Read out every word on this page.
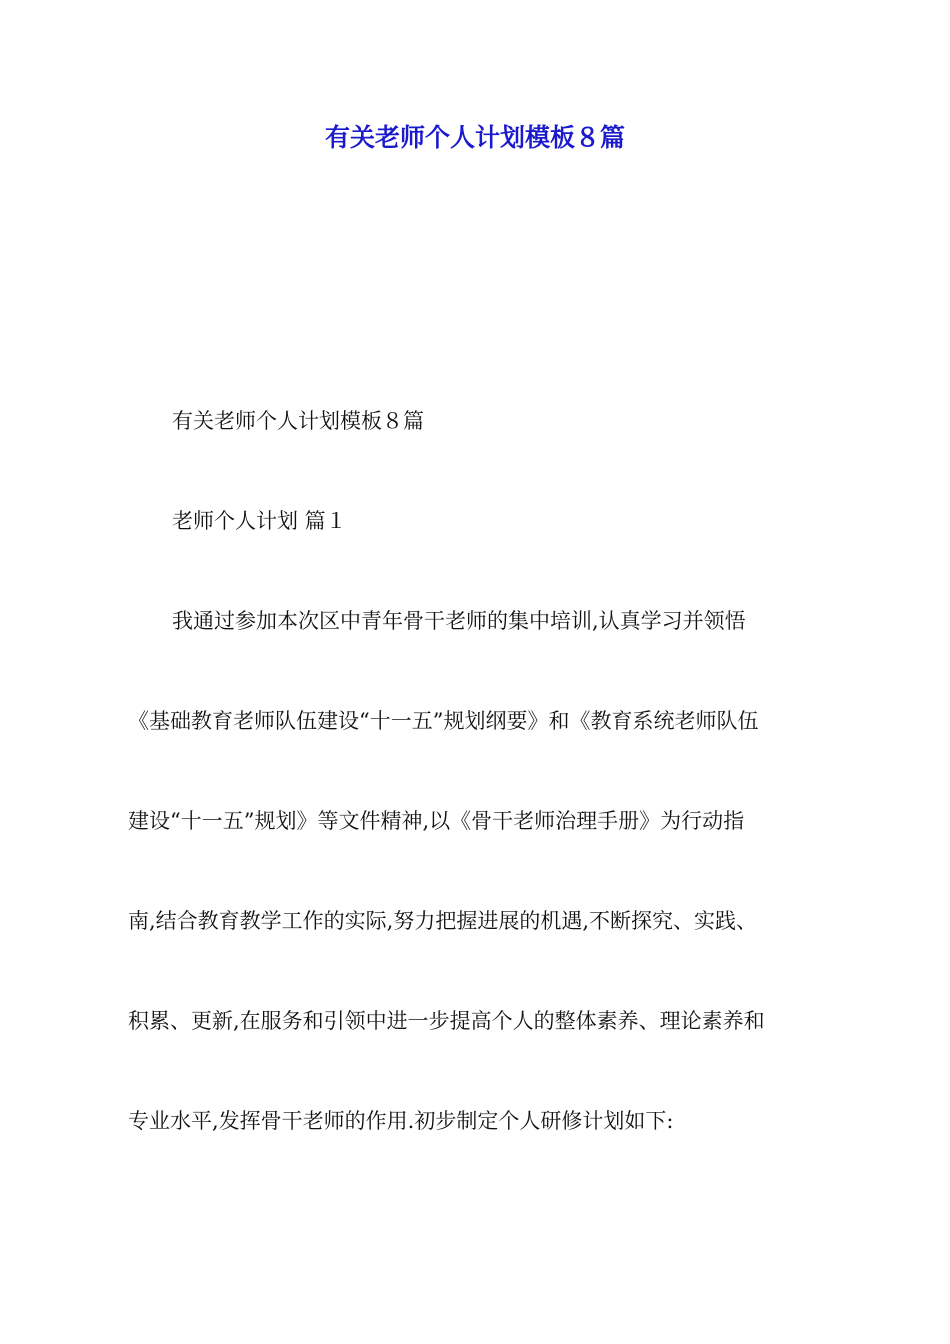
有关老师个人计划模板８篇
有关老师个人计划模板８篇
老师个人计划 篇１
我通过参加本次区中青年骨干老师的集中培训,认真学习并领悟
《基础教育老师队伍建设“十一五”规划纲要》和《教育系统老师队伍
建设“十一五”规划》等文件精神,以《骨干老师治理手册》为行动指
南,结合教育教学工作的实际,努力把握进展的机遇,不断探究、实践、
积累、更新,在服务和引领中进一步提高个人的整体素养、理论素养和
专业水平,发挥骨干老师的作用.初步制定个人研修计划如下:
